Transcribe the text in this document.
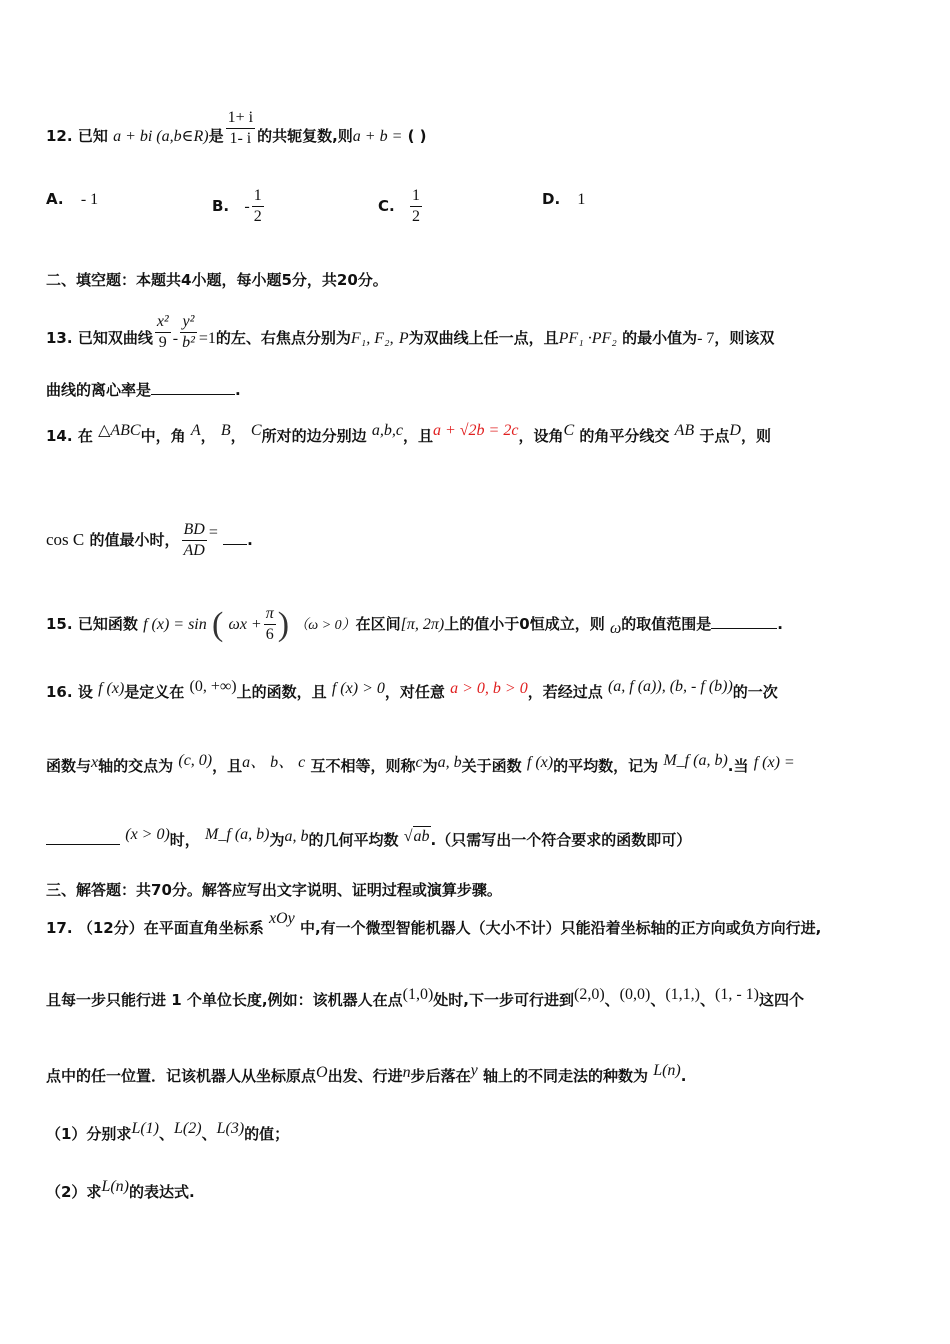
12. 已知 a + bi (a,b∈R)是 $\frac{1+ i}{1- i}$ 的共轭复数,则a + b = ( )
A. - 1	B. - $\frac{1}{2}$	C. $\frac{1}{2}$	D. 1
二、填空题：本题共4小题，每小题5分，共20分。
13. 已知双曲线 $\frac{\text{x²}}{9} - \frac{\text{y²}}{\text{b²}} =1$的左、右焦点分别为F₁, F₂, P为双曲线上任一点，且PF₁ ·PF₂ 的最小值为- 7，则该双
曲线的离心率是	.
14. 在 △ABC中，角 A， B， C所对的边分别边 a,b,c，且a + √2b = 2c，设角C 的角平分线交 AB 于点D，则
cos C 的值最小时， $\frac{BD}{AD}$ = .
15. 已知函数 f (x) = sin ( $\omega x + \frac{\pi}{6}$ ) （ω > 0）在区间[π, 2π)上的值小于0恒成立，则 ω的取值范围是	.
16. 设 f (x)是定义在 (0, +∞)上的函数，且 f (x) > 0，对任意 a > 0, b > 0，若经过点 (a, f (a)), (b, - f (b))的一次
函数与x轴的交点为 (c, 0)，且a、 b、 c 互不相等，则称c为a, b关于函数 f (x)的平均数，记为 M_f (a, b).当 f (x) =
(x > 0)时， M_f (a, b)为a, b的几何平均数 √ab.（只需写出一个符合要求的函数即可）
三、解答题：共70分。解答应写出文字说明、证明过程或演算步骤。
17. （12分）在平面直角坐标系 xOy 中,有一个微型智能机器人（大小不计）只能沿着坐标轴的正方向或负方向行进,
且每一步只能行进 1 个单位长度,例如：该机器人在点(1,0)处时,下一步可行进到(2,0)、(0,0)、(1,1,)、(1, - 1)这四个
点中的任一位置．记该机器人从坐标原点O出发、行进n步后落在y 轴上的不同走法的种数为 L(n).
（1）分别求L(1)、L(2)、L(3)的值；
（2）求L(n)的表达式.
